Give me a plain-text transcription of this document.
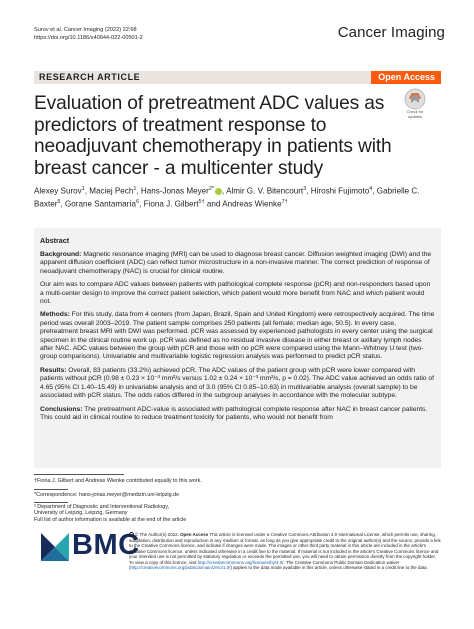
Surov et al. Cancer Imaging (2022) 22:68
https://doi.org/10.1186/s40644-022-00501-2	Cancer Imaging
RESEARCH ARTICLE	Open Access
Check for updates
Evaluation of pretreatment ADC values as predictors of treatment response to neoadjuvant chemotherapy in patients with breast cancer - a multicenter study
Alexey Surov$^1$, Maciej Pech$^1$, Hans-Jonas Meyer$^{2*}$ , Almir G. V. Bitencourt$^3$, Hiroshi Fujimoto$^4$, Gabrielle C. Baxter$^5$, Gorane Santamaría$^6$, Fiona J. Gilbert$^{5\dagger}$ and Andreas Wienke$^{7\dagger}$
Abstract

Background: Magnetic resonance imaging (MRI) can be used to diagnose breast cancer. Diffusion weighted imaging (DWI) and the apparent diffusion coefficient (ADC) can reflect tumor microstructure in a non-invasive manner. The correct prediction of response of neoadjuvant chemotherapy (NAC) is crucial for clinical routine.

Our aim was to compare ADC values between patients with pathological complete response (pCR) and non-responders based upon a multi-center design to improve the correct patient selection, which patient would more benefit from NAC and which patient would not.

Methods: For this study, data from 4 centers (from Japan, Brazil, Spain and United Kingdom) were retrospectively acquired. The time period was overall 2003–2019. The patient sample comprises 250 patients (all female; median age, 50.5). In every case, pretreatment breast MRI with DWI was performed. pCR was assessed by experienced pathologists in every center using the surgical specimen in the clinical routine work up. pCR was defined as no residual invasive disease in either breast or axillary lymph nodes after NAC. ADC values between the group with pCR and those with no pCR were compared using the Mann–Whitney U test (two-group comparisons). Univariable and multivariable logistic regression analysis was performed to predict pCR status.

Results: Overall, 83 patients (33.2%) achieved pCR. The ADC values of the patient group with pCR were lower compared with patients without pCR (0.98 ± 0.23 × 10⁻³ mm²/s versus 1.02 ± 0.24 × 10⁻³ mm²/s, p = 0.02). The ADC value achieved an odds ratio of 4.65 (95% CI 1.40–15.49) in univariable analysis and of 3.0 (95% CI 0.85–10.63) in multivariable analysis (overall sample) to be associated with pCR status. The odds ratios differed in the subgroup analyses in accordance with the molecular subtype.

Conclusions: The pretreatment ADC-value is associated with pathological complete response after NAC in breast cancer patients. This could aid in clinical routine to reduce treatment toxicity for patients, who would not benefit from

†Fiona J. Gilbert and Andreas Wienke contributed equally to this work.
*Correspondence: hans-jonas.meyer@medizin.uni-leipzig.de
² Department of Diagnostic and Interventional Radiology, University of Leipzig, Leipzig, Germany
Full list of author information is available at the end of the article
BMC
© The Author(s) 2022. Open Access This article is licensed under a Creative Commons Attribution 4.0 International License, which permits use, sharing, adaptation, distribution and reproduction in any medium or format, as long as you give appropriate credit to the original author(s) and the source, provide a link to the Creative Commons licence, and indicate if changes were made. The images or other third party material in this article are included in the article's Creative Commons licence, unless indicated otherwise in a credit line to the material. If material is not included in the article's Creative Commons licence and your intended use is not permitted by statutory regulation or exceeds the permitted use, you will need to obtain permission directly from the copyright holder. To view a copy of this licence, visit http://creativecommons.org/licenses/by/4.0/. The Creative Commons Public Domain Dedication waiver (http://creativecommons.org/publicdomain/zero/1.0/) applies to the data made available in this article, unless otherwise stated in a credit line to the data.
